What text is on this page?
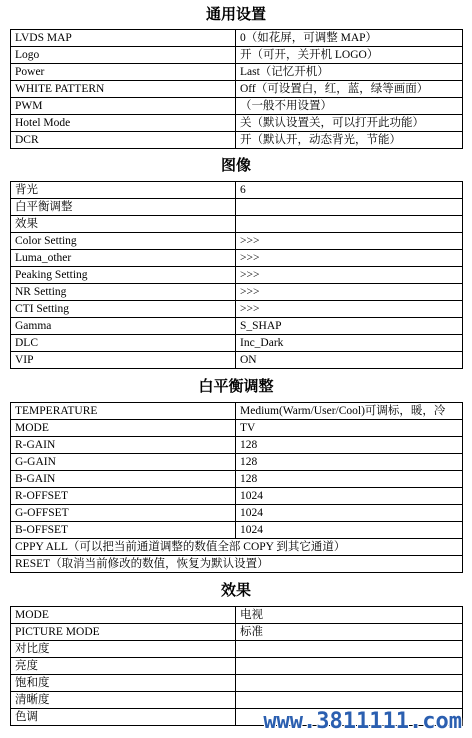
通用设置
LVDS MAP	0（如花屏，可调整 MAP）
Logo	开（可开，关开机 LOGO）
Power	Last（记忆开机）
WHITE PATTERN	Off（可设置白，红，蓝，绿等画面）
PWM	（一般不用设置）
Hotel Mode	关（默认设置关，可以打开此功能）
DCR	开（默认开，动态背光，节能）
图像
背光	6
白平衡调整	
效果	
Color Setting	>>>
Luma_other	>>>
Peaking Setting	>>>
NR Setting	>>>
CTI Setting	>>>
Gamma	S_SHAP
DLC	Inc_Dark
VIP	ON
白平衡调整
TEMPERATURE	Medium(Warm/User/Cool)可调标，暖，冷
MODE	TV
R-GAIN	128
G-GAIN	128
B-GAIN	128
R-OFFSET	1024
G-OFFSET	1024
B-OFFSET	1024
CPPY ALL（可以把当前通道调整的数值全部 COPY 到其它通道）	
RESET（取消当前修改的数值，恢复为默认设置）	
效果
MODE	电视
PICTURE MODE	标准
对比度	
亮度	
饱和度	
清晰度	
色调		www.3811111.com
